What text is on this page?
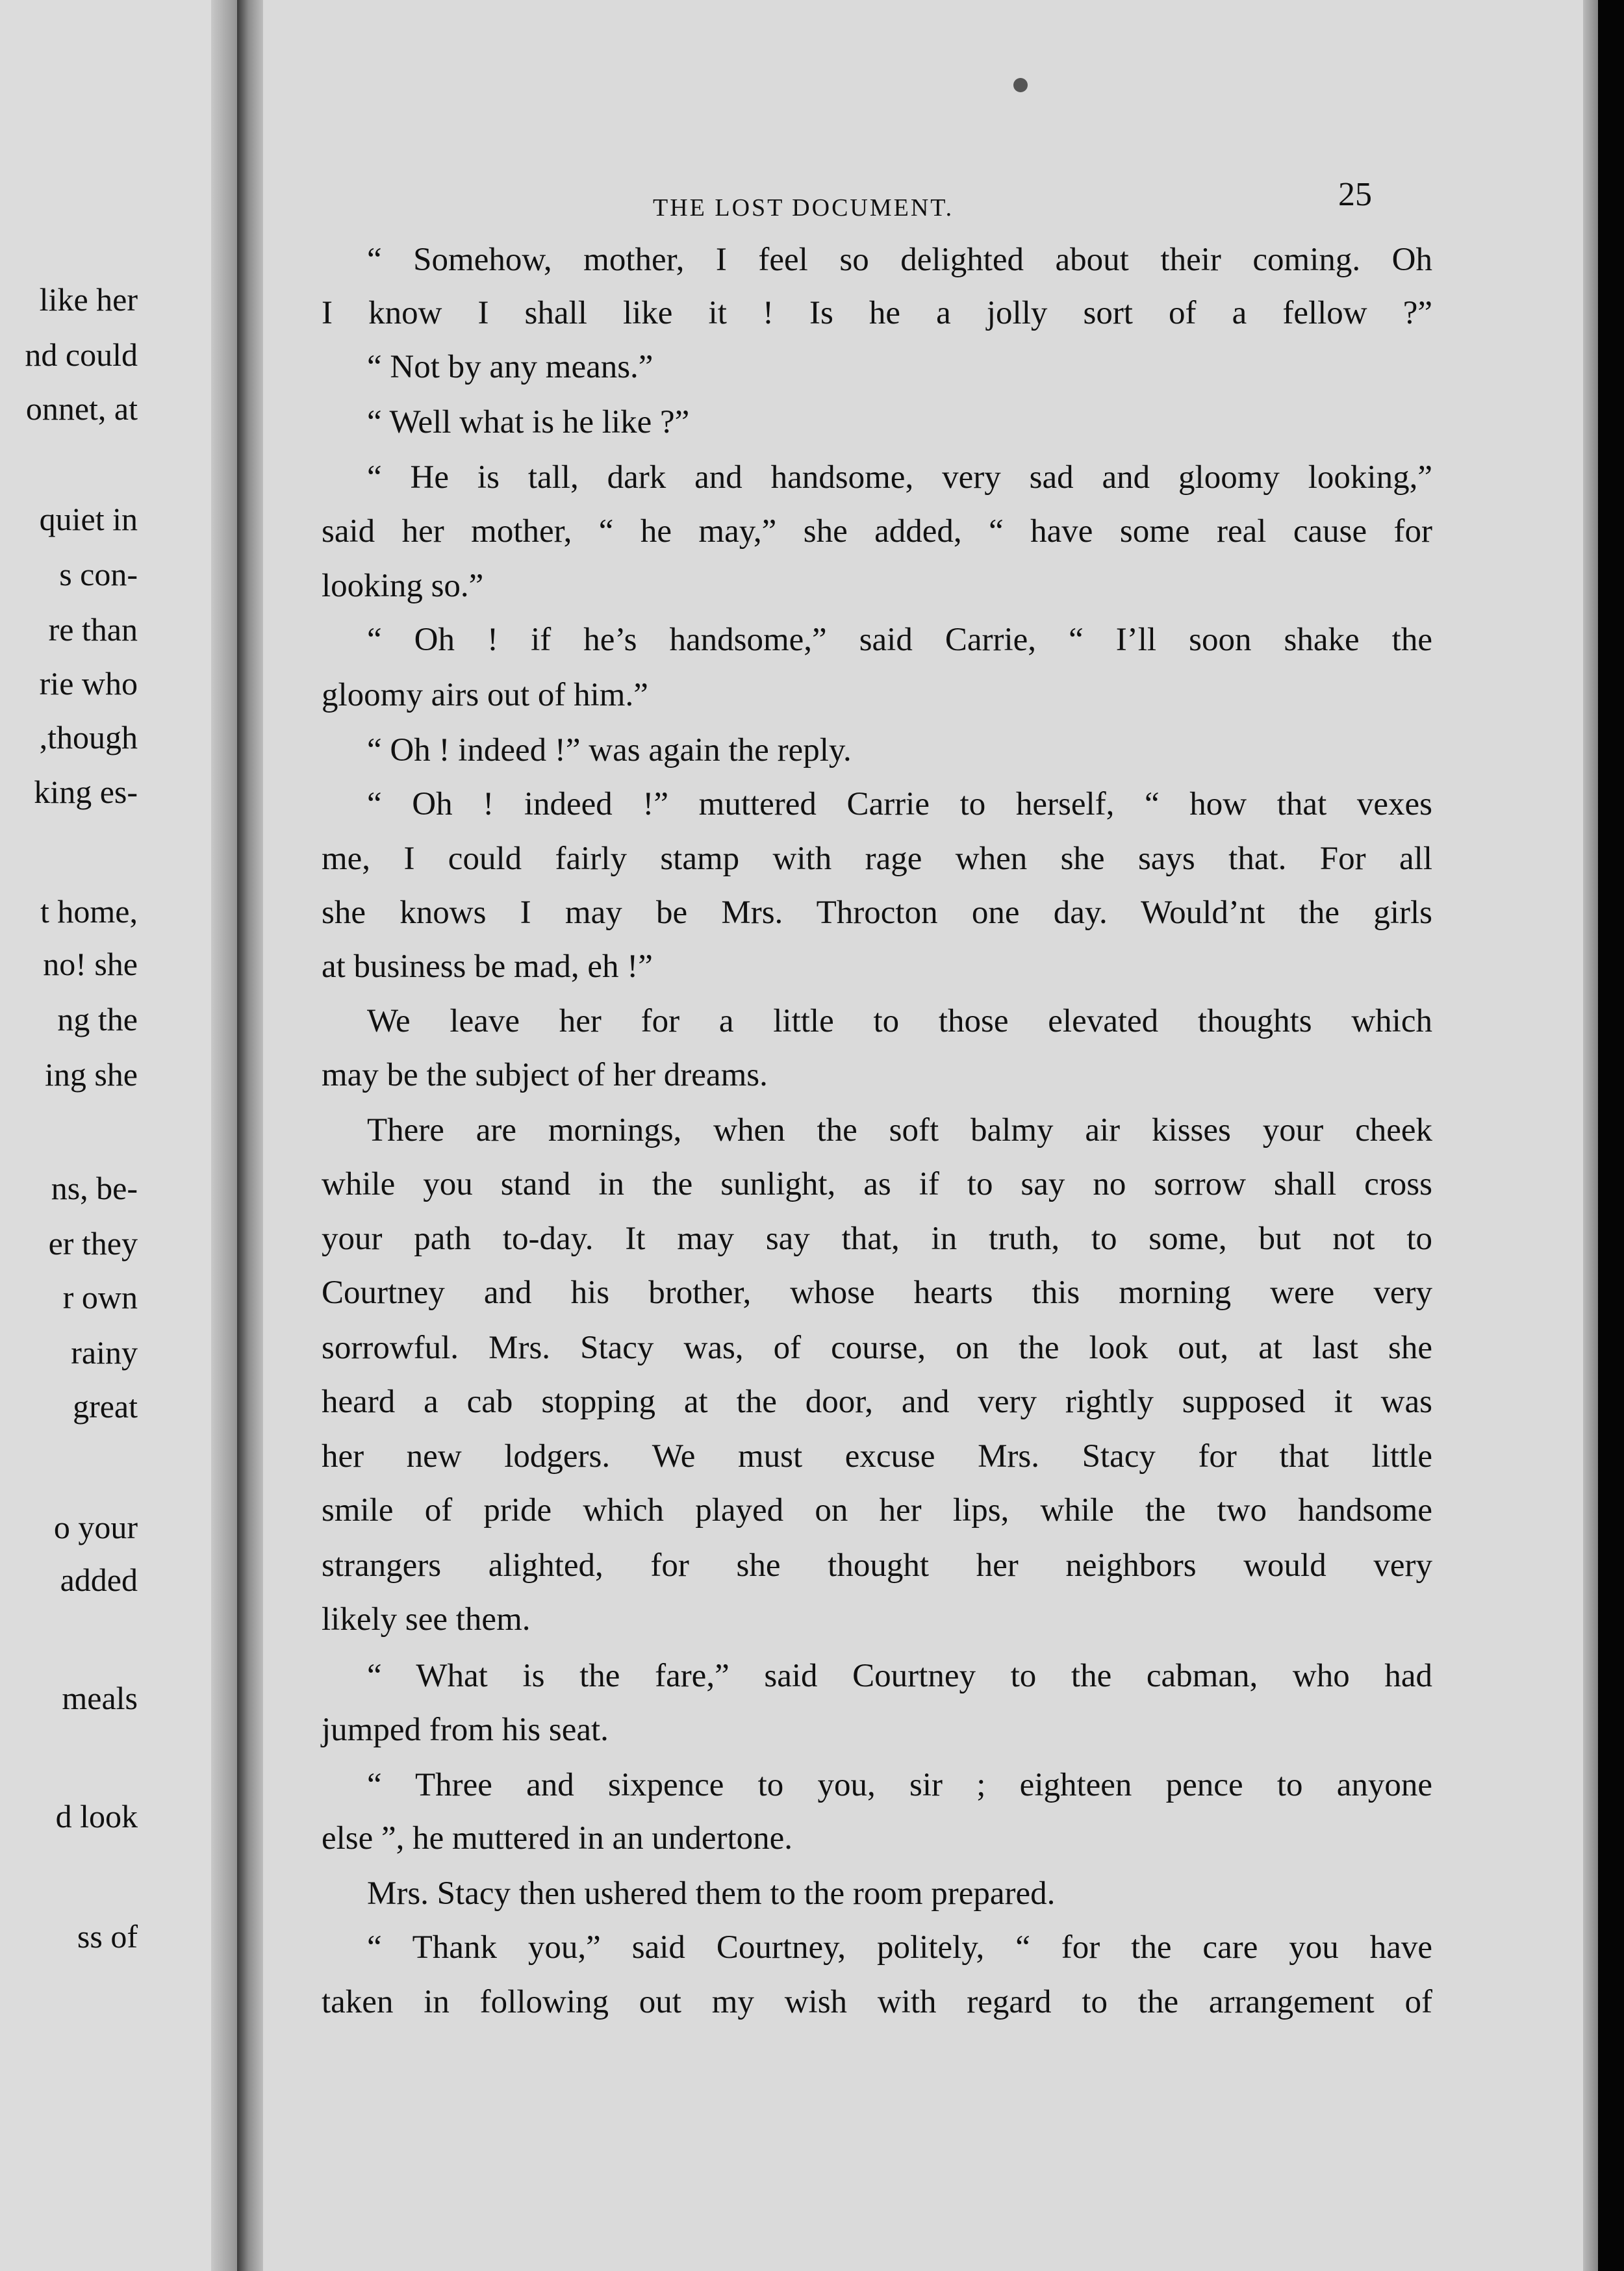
like her
nd could
onnet, at
quiet in
s con-
re than
rie who
,though
king es-
t home,
no! she
ng the
ing she
ns, be-
er they
r own
rainy
great
o your
added
meals
d look
ss of
THE LOST DOCUMENT.	25
“ Somehow, mother, I feel so delighted about their coming. Oh
I know I shall like it ! Is he a jolly sort of a fellow ?”
“ Not by any means.”
“ Well what is he like ?”
“ He is tall, dark and handsome, very sad and gloomy looking,”
said her mother, “ he may,” she added, “ have some real cause for
looking so.”
“ Oh ! if he’s handsome,” said Carrie, “ I’ll soon shake the
gloomy airs out of him.”
“ Oh ! indeed !” was again the reply.
“ Oh ! indeed !” muttered Carrie to herself, “ how that vexes
me, I could fairly stamp with rage when she says that. For all
she knows I may be Mrs. Throcton one day. Would’nt the girls
at business be mad, eh !”
We leave her for a little to those elevated thoughts which
may be the subject of her dreams.
There are mornings, when the soft balmy air kisses your cheek
while you stand in the sunlight, as if to say no sorrow shall cross
your path to-day. It may say that, in truth, to some, but not to
Courtney and his brother, whose hearts this morning were very
sorrowful. Mrs. Stacy was, of course, on the look out, at last she
heard a cab stopping at the door, and very rightly supposed it was
her new lodgers. We must excuse Mrs. Stacy for that little
smile of pride which played on her lips, while the two handsome
strangers alighted, for she thought her neighbors would very
likely see them.
“ What is the fare,” said Courtney to the cabman, who had
jumped from his seat.
“ Three and sixpence to you, sir ; eighteen pence to anyone
else ”, he muttered in an undertone.
Mrs. Stacy then ushered them to the room prepared.
“ Thank you,” said Courtney, politely, “ for the care you have
taken in following out my wish with regard to the arrangement of
